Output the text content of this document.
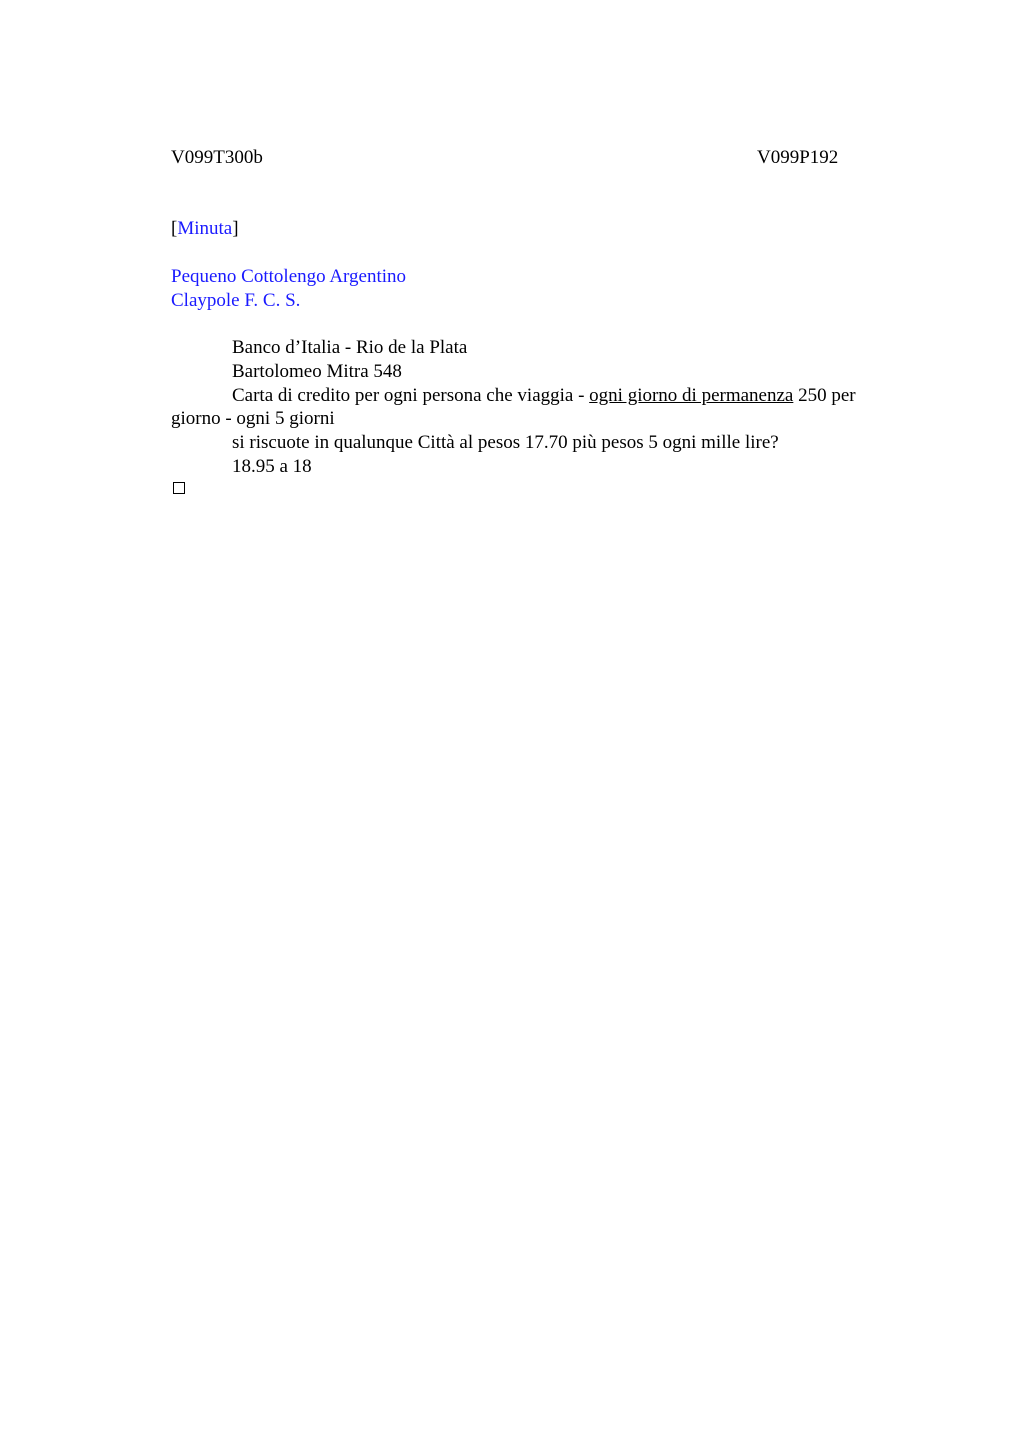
V099T300b	V099P192
[Minuta]
Pequeno Cottolengo Argentino
Claypole F. C. S.
Banco d’Italia - Rio de la Plata
Bartolomeo Mitra 548
Carta di credito per ogni persona che viaggia - ogni giorno di permanenza 250 per
giorno - ogni 5 giorni
si riscuote in qualunque Città al pesos 17.70 più pesos 5 ogni mille lire?
18.95 a 18
